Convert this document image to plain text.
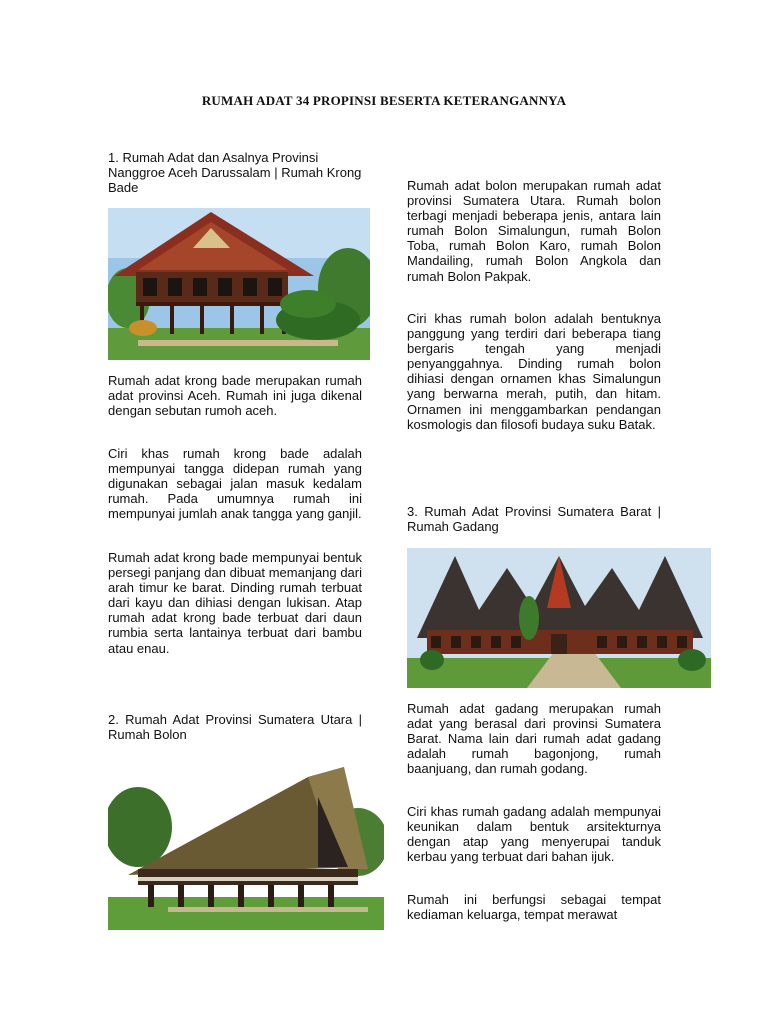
RUMAH ADAT 34 PROPINSI BESERTA KETERANGANNYA

1. Rumah Adat dan Asalnya Provinsi Nanggroe Aceh Darussalam | Rumah Krong Bade

Rumah adat krong bade merupakan rumah adat provinsi Aceh. Rumah ini juga dikenal dengan sebutan rumoh aceh.

Ciri khas rumah krong bade adalah mempunyai tangga didepan rumah yang digunakan sebagai jalan masuk kedalam rumah. Pada umumnya rumah ini mempunyai jumlah anak tangga yang ganjil.

Rumah adat krong bade mempunyai bentuk persegi panjang dan dibuat memanjang dari arah timur ke barat. Dinding rumah terbuat dari kayu dan dihiasi dengan lukisan. Atap rumah adat krong bade terbuat dari daun rumbia serta lantainya terbuat dari bambu atau enau.

2. Rumah Adat Provinsi Sumatera Utara | Rumah Bolon

Rumah adat bolon merupakan rumah adat provinsi Sumatera Utara. Rumah bolon terbagi menjadi beberapa jenis, antara lain rumah Bolon Simalungun, rumah Bolon Toba, rumah Bolon Karo, rumah Bolon Mandailing, rumah Bolon Angkola dan rumah Bolon Pakpak.

Ciri khas rumah bolon adalah bentuknya panggung yang terdiri dari beberapa tiang bergaris tengah yang menjadi penyanggahnya. Dinding rumah bolon dihiasi dengan ornamen khas Simalungun yang berwarna merah, putih, dan hitam. Ornamen ini menggambarkan pendangan kosmologis dan filosofi budaya suku Batak.

3. Rumah Adat Provinsi Sumatera Barat | Rumah Gadang

Rumah adat gadang merupakan rumah adat yang berasal dari provinsi Sumatera Barat. Nama lain dari rumah adat gadang adalah rumah bagonjong, rumah baanjuang, dan rumah godang.

Ciri khas rumah gadang adalah mempunyai keunikan dalam bentuk arsitekturnya dengan atap yang menyerupai tanduk kerbau yang terbuat dari bahan ijuk.

Rumah ini berfungsi sebagai tempat kediaman keluarga, tempat merawat
